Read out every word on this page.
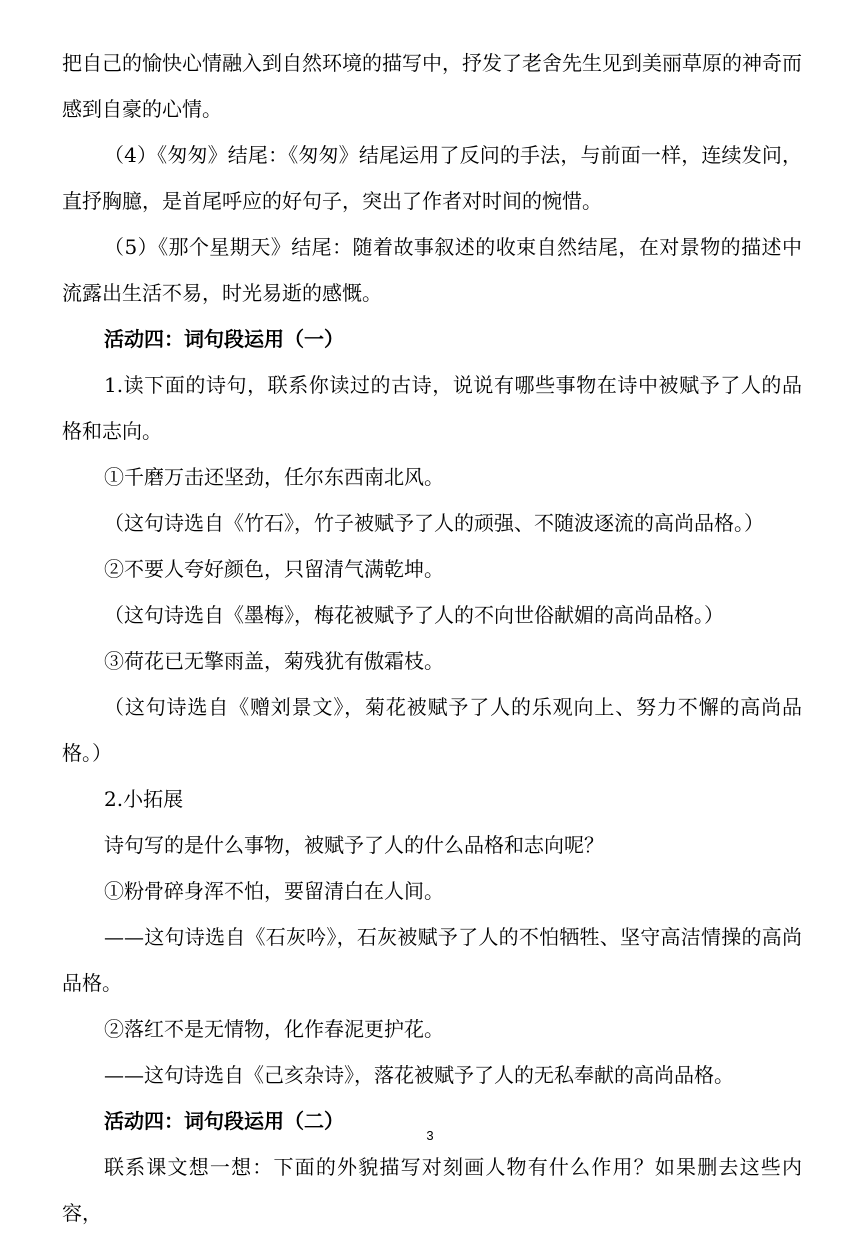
把自己的愉快心情融入到自然环境的描写中，抒发了老舍先生见到美丽草原的神奇而感到自豪的心情。

（4）《匆匆》结尾：《匆匆》结尾运用了反问的手法，与前面一样，连续发问，直抒胸臆，是首尾呼应的好句子，突出了作者对时间的惋惜。

（5）《那个星期天》结尾：随着故事叙述的收束自然结尾，在对景物的描述中流露出生活不易，时光易逝的感慨。

活动四：词句段运用（一）

1.读下面的诗句，联系你读过的古诗，说说有哪些事物在诗中被赋予了人的品格和志向。

①千磨万击还坚劲，任尔东西南北风。

（这句诗选自《竹石》，竹子被赋予了人的顽强、不随波逐流的高尚品格。）

②不要人夸好颜色，只留清气满乾坤。

（这句诗选自《墨梅》，梅花被赋予了人的不向世俗献媚的高尚品格。）

③荷花已无擎雨盖，菊残犹有傲霜枝。

（这句诗选自《赠刘景文》，菊花被赋予了人的乐观向上、努力不懈的高尚品格。）

2.小拓展

诗句写的是什么事物，被赋予了人的什么品格和志向呢？

①粉骨碎身浑不怕，要留清白在人间。

——这句诗选自《石灰吟》，石灰被赋予了人的不怕牺牲、坚守高洁情操的高尚品格。

②落红不是无情物，化作春泥更护花。

——这句诗选自《己亥杂诗》，落花被赋予了人的无私奉献的高尚品格。

活动四：词句段运用（二）

联系课文想一想：下面的外貌描写对刻画人物有什么作用？如果删去这些内容，

3
